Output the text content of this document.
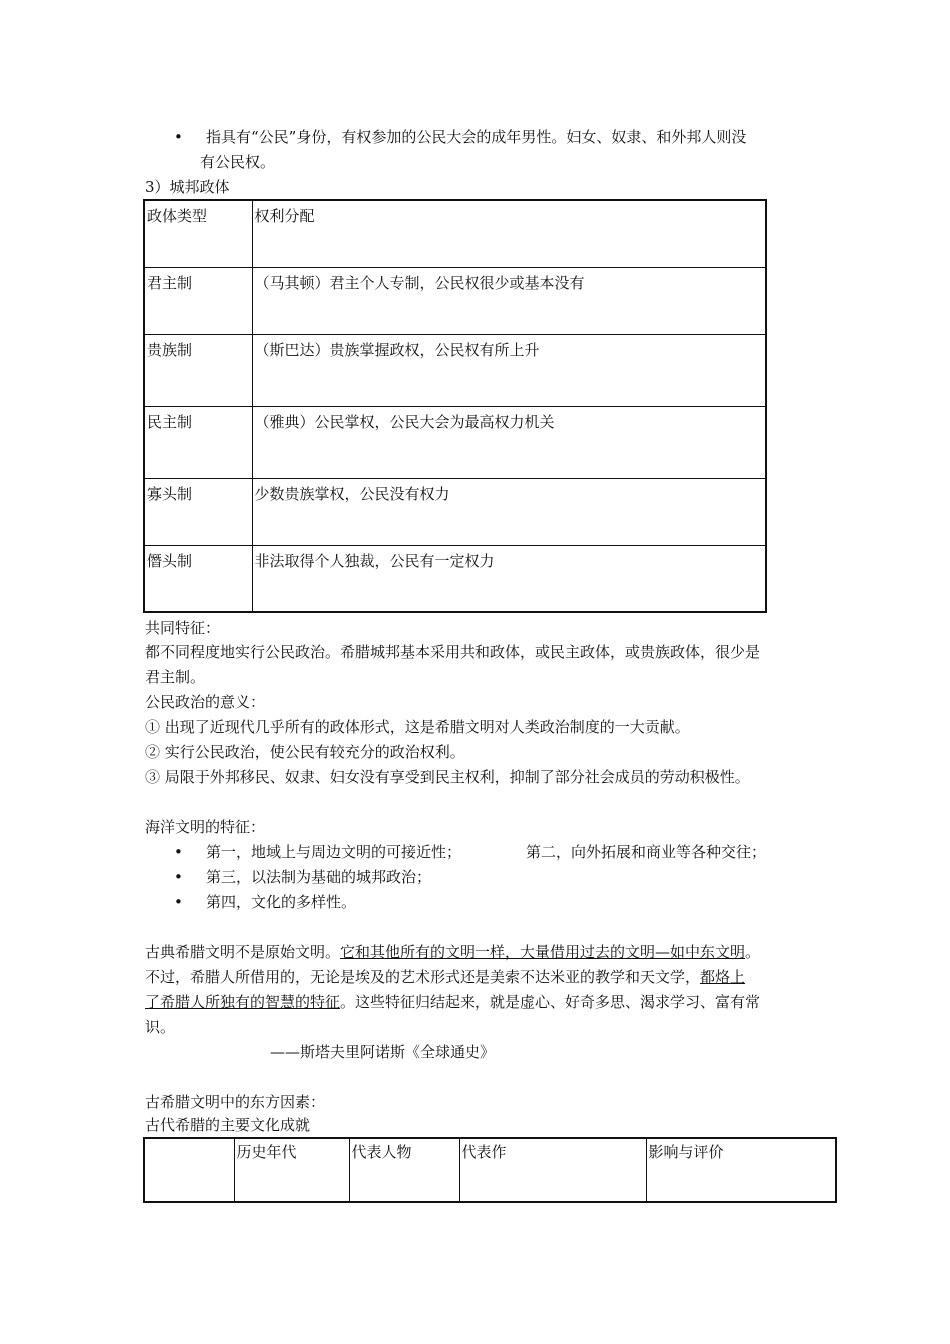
• 指具有“公民”身份，有权参加的公民大会的成年男性。妇女、奴隶、和外邦人则没
有公民权。
3）城邦政体
政体类型	权利分配
君主制	（马其顿）君主个人专制，公民权很少或基本没有
贵族制	（斯巴达）贵族掌握政权，公民权有所上升
民主制	（雅典）公民掌权，公民大会为最高权力机关
寡头制	少数贵族掌权，公民没有权力
僭头制	非法取得个人独裁，公民有一定权力
共同特征：
都不同程度地实行公民政治。希腊城邦基本采用共和政体，或民主政体，或贵族政体，很少是
君主制。
公民政治的意义：
① 出现了近现代几乎所有的政体形式，这是希腊文明对人类政治制度的一大贡献。
② 实行公民政治，使公民有较充分的政治权利。
③ 局限于外邦移民、奴隶、妇女没有享受到民主权利，抑制了部分社会成员的劳动积极性。
海洋文明的特征：
• 第一，地域上与周边文明的可接近性；	第二，向外拓展和商业等各种交往；
• 第三，以法制为基础的城邦政治；
• 第四，文化的多样性。
古典希腊文明不是原始文明。它和其他所有的文明一样，大量借用过去的文明—如中东文明。
不过，希腊人所借用的，无论是埃及的艺术形式还是美索不达米亚的教学和天文学，都烙上
了希腊人所独有的智慧的特征。这些特征归结起来，就是虚心、好奇多思、渴求学习、富有常
识。
——斯塔夫里阿诺斯《全球通史》
古希腊文明中的东方因素：
古代希腊的主要文化成就
	历史年代	代表人物	代表作	影响与评价
